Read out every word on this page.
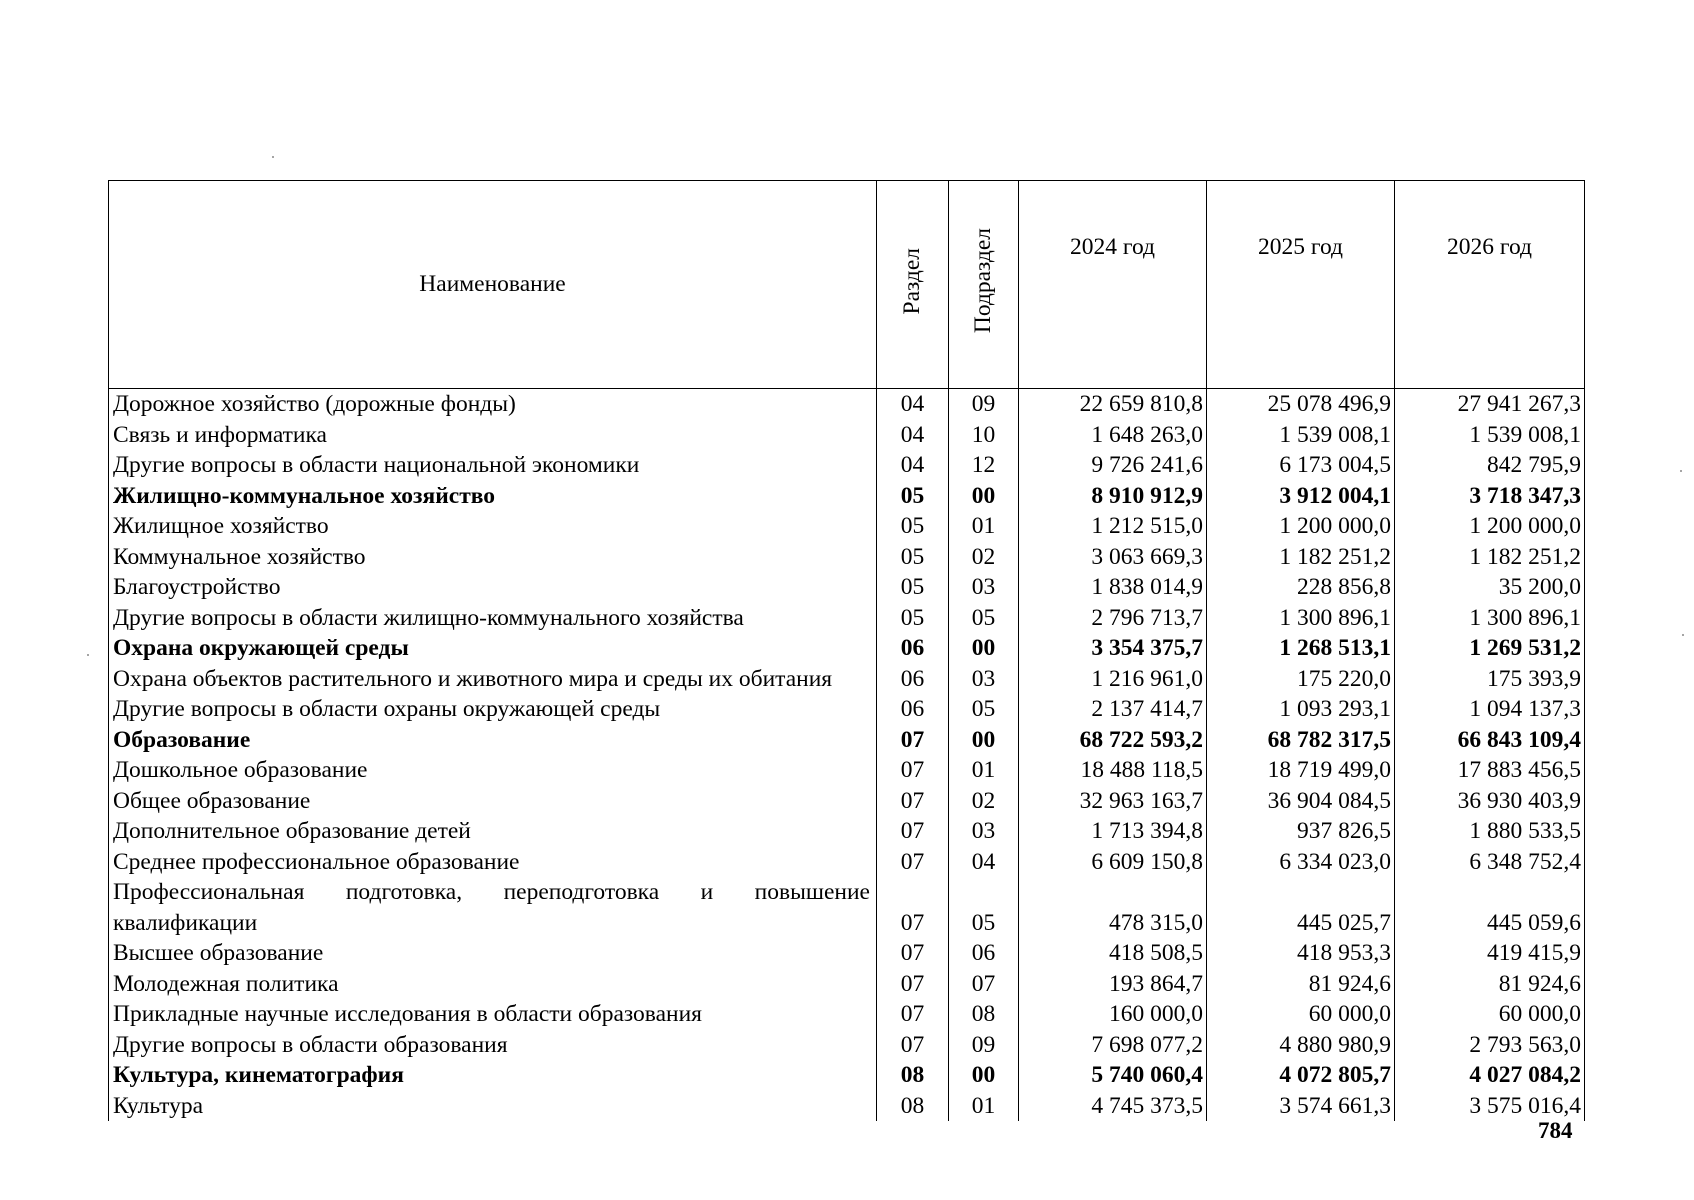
Наименование	Раздел	Подраздел	2024 год	2025 год	2026 год
Дорожное хозяйство (дорожные фонды)	04	09	22 659 810,8	25 078 496,9	27 941 267,3
Связь и информатика	04	10	1 648 263,0	1 539 008,1	1 539 008,1
Другие вопросы в области национальной экономики	04	12	9 726 241,6	6 173 004,5	842 795,9
Жилищно-коммунальное хозяйство	05	00	8 910 912,9	3 912 004,1	3 718 347,3
Жилищное хозяйство	05	01	1 212 515,0	1 200 000,0	1 200 000,0
Коммунальное хозяйство	05	02	3 063 669,3	1 182 251,2	1 182 251,2
Благоустройство	05	03	1 838 014,9	228 856,8	35 200,0
Другие вопросы в области жилищно-коммунального хозяйства	05	05	2 796 713,7	1 300 896,1	1 300 896,1
Охрана окружающей среды	06	00	3 354 375,7	1 268 513,1	1 269 531,2
Охрана объектов растительного и животного мира и среды их обитания	06	03	1 216 961,0	175 220,0	175 393,9
Другие вопросы в области охраны окружающей среды	06	05	2 137 414,7	1 093 293,1	1 094 137,3
Образование	07	00	68 722 593,2	68 782 317,5	66 843 109,4
Дошкольное образование	07	01	18 488 118,5	18 719 499,0	17 883 456,5
Общее образование	07	02	32 963 163,7	36 904 084,5	36 930 403,9
Дополнительное образование детей	07	03	1 713 394,8	937 826,5	1 880 533,5
Среднее профессиональное образование	07	04	6 609 150,8	6 334 023,0	6 348 752,4
Профессиональная подготовка, переподготовка и повышение квалификации	07	05	478 315,0	445 025,7	445 059,6
Высшее образование	07	06	418 508,5	418 953,3	419 415,9
Молодежная политика	07	07	193 864,7	81 924,6	81 924,6
Прикладные научные исследования в области образования	07	08	160 000,0	60 000,0	60 000,0
Другие вопросы в области образования	07	09	7 698 077,2	4 880 980,9	2 793 563,0
Культура, кинематография	08	00	5 740 060,4	4 072 805,7	4 027 084,2
Культура	08	01	4 745 373,5	3 574 661,3	3 575 016,4
784
